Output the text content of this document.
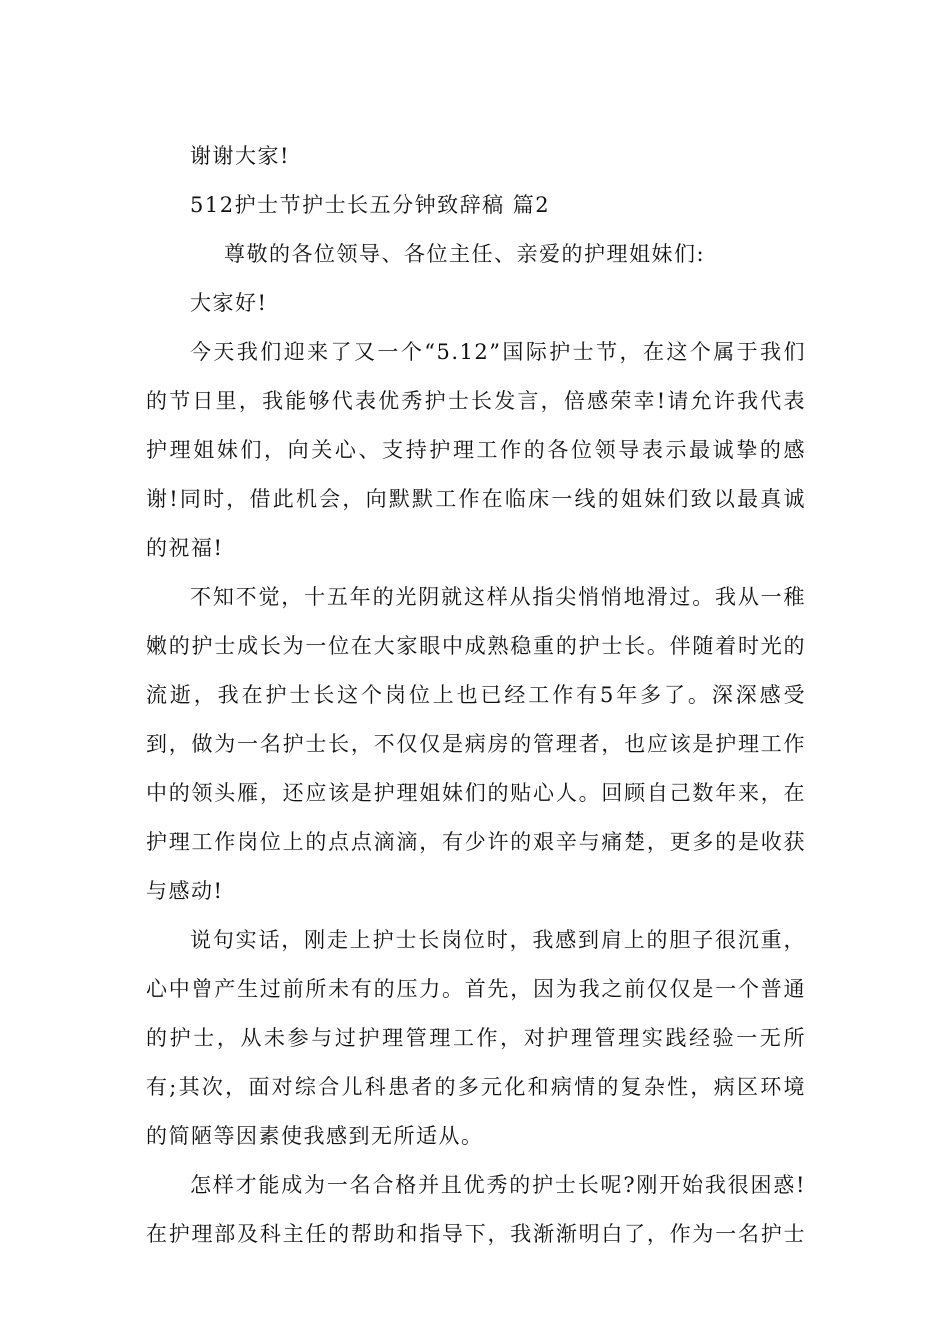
谢谢大家!

512护士节护士长五分钟致辞稿 篇2

尊敬的各位领导、各位主任、亲爱的护理姐妹们:

大家好!

今天我们迎来了又一个“5.12”国际护士节，在这个属于我们的节日里，我能够代表优秀护士长发言，倍感荣幸!请允许我代表护理姐妹们，向关心、支持护理工作的各位领导表示最诚挚的感谢!同时，借此机会，向默默工作在临床一线的姐妹们致以最真诚的祝福!

不知不觉，十五年的光阴就这样从指尖悄悄地滑过。我从一稚嫩的护士成长为一位在大家眼中成熟稳重的护士长。伴随着时光的流逝，我在护士长这个岗位上也已经工作有5年多了。深深感受到，做为一名护士长，不仅仅是病房的管理者，也应该是护理工作中的领头雁，还应该是护理姐妹们的贴心人。回顾自己数年来，在护理工作岗位上的点点滴滴，有少许的艰辛与痛楚，更多的是收获与感动!

说句实话，刚走上护士长岗位时，我感到肩上的胆子很沉重，心中曾产生过前所未有的压力。首先，因为我之前仅仅是一个普通的护士，从未参与过护理管理工作，对护理管理实践经验一无所有;其次，面对综合儿科患者的多元化和病情的复杂性，病区环境的简陋等因素使我感到无所适从。

怎样才能成为一名合格并且优秀的护士长呢?刚开始我很困惑!在护理部及科主任的帮助和指导下，我渐渐明白了，作为一名护士
